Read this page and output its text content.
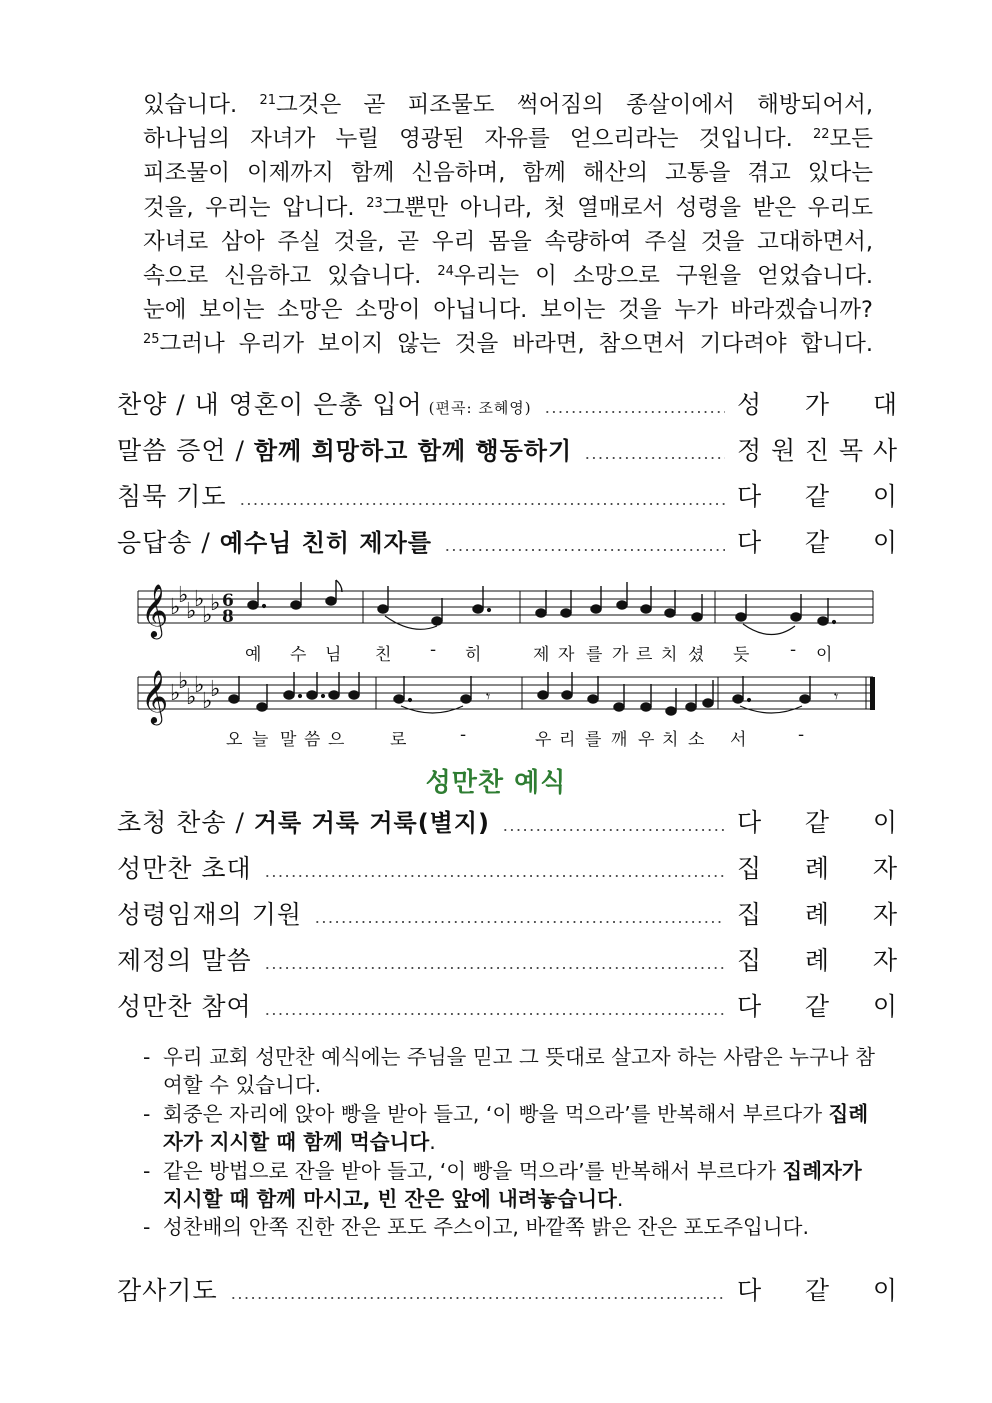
있습니다. $^{21}$그것은 곧 피조물도 썩어짐의 종살이에서 해방되어서,
하나님의 자녀가 누릴 영광된 자유를 얻으리라는 것입니다. $^{22}$모든
피조물이 이제까지 함께 신음하며, 함께 해산의 고통을 겪고 있다는
것을, 우리는 압니다. $^{23}$그뿐만 아니라, 첫 열매로서 성령을 받은 우리도
자녀로 삼아 주실 것을, 곧 우리 몸을 속량하여 주실 것을 고대하면서,
속으로 신음하고 있습니다. $^{24}$우리는 이 소망으로 구원을 얻었습니다.
눈에 보이는 소망은 소망이 아닙니다. 보이는 것을 누가 바라겠습니까?
$^{25}$그러나 우리가 보이지 않는 것을 바라면, 참으면서 기다려야 합니다.
찬양 / 내 영혼이 은총 입어 (편곡: 조혜영)	성 가 대
말씀 증언 / 함께 희망하고 함께 행동하기	정 원 진 목 사
침묵 기도	다 같 이
응답송 / 예수님 친히 제자를	다 같 이
𝄞
𝄞
♭
♭
♭
♭
♭
♭
♭
♭
♭
♭
♭
♭
6
8
𝄾	𝄾
예 수 님 친 - 히	제 자 를 가 르 치 셨 듯 - 이
오 늘 말 씀 으	로	-	우 리 를 깨 우 치 소 서	-
성만찬 예식
초청 찬송 / 거룩 거룩 거룩(별지)	다 같 이
성만찬 초대	집 례 자
성령임재의 기원	집 례 자
제정의 말씀	집 례 자
성만찬 참여	다 같 이
- 우리 교회 성만찬 예식에는 주님을 믿고 그 뜻대로 살고자 하는 사람은 누구나 참여할 수 있습니다.
- 회중은 자리에 앉아 빵을 받아 들고, ‘이 빵을 먹으라’를 반복해서 부르다가 집례자가 지시할 때 함께 먹습니다.
- 같은 방법으로 잔을 받아 들고, ‘이 빵을 먹으라’를 반복해서 부르다가 집례자가 지시할 때 함께 마시고, 빈 잔은 앞에 내려놓습니다.
- 성찬배의 안쪽 진한 잔은 포도 주스이고, 바깥쪽 밝은 잔은 포도주입니다.
감사기도	다 같 이
